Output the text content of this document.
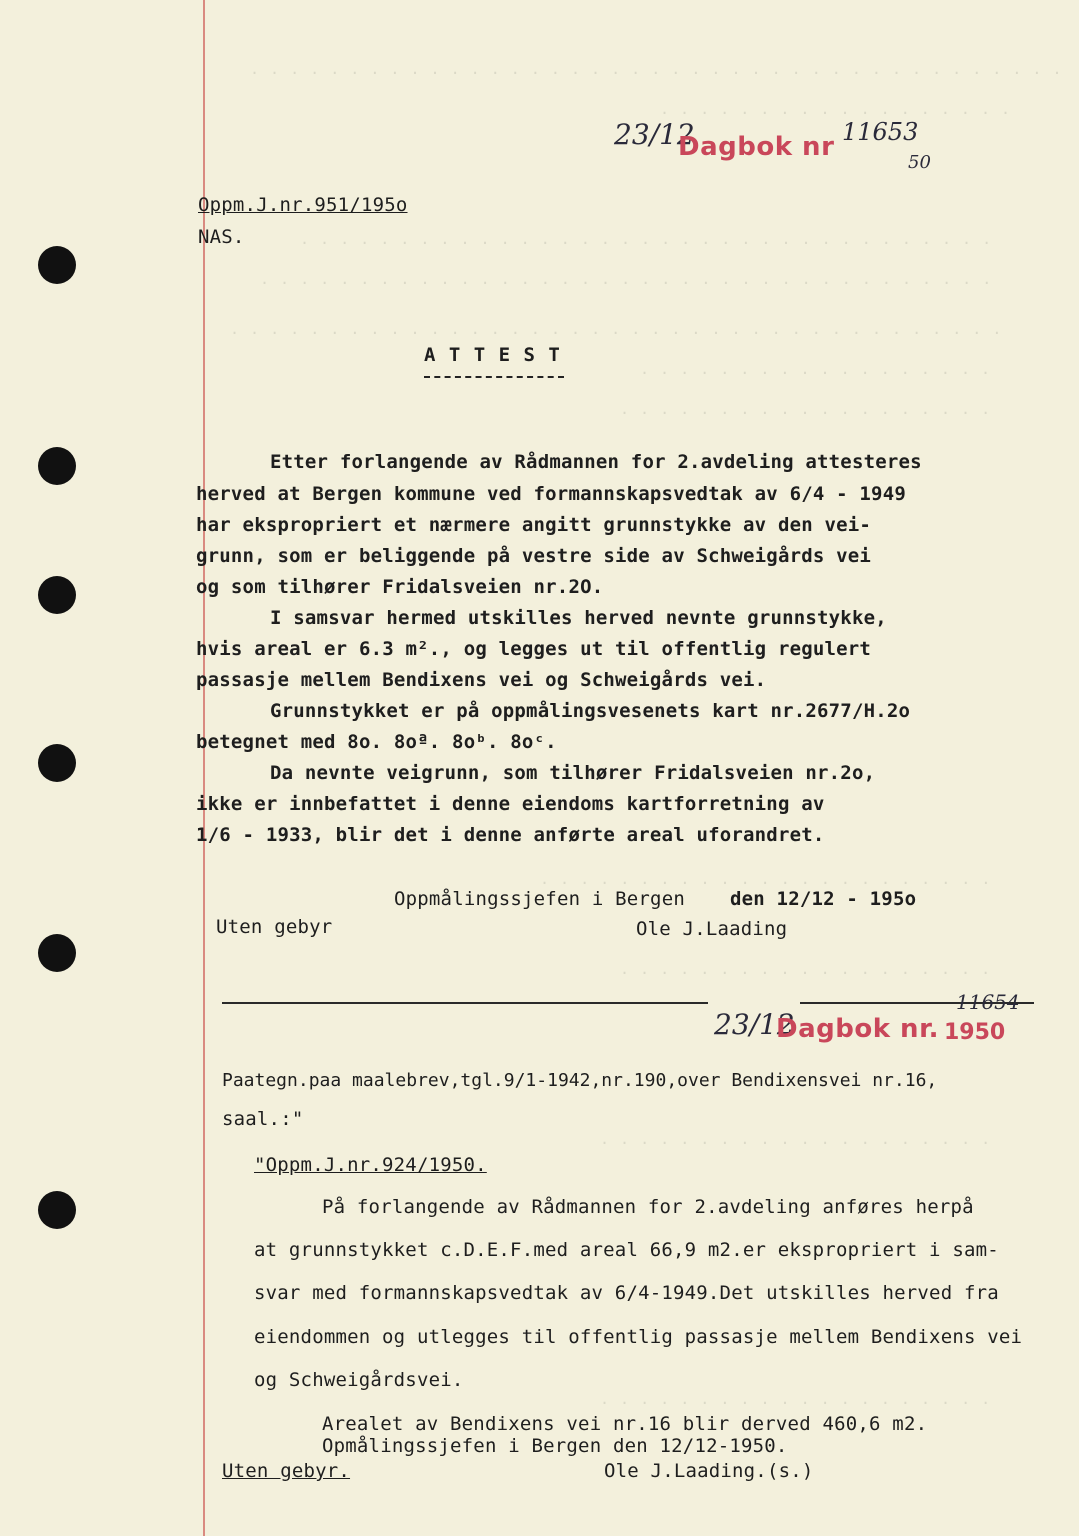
. . . . . . . . . . . . . . . . . . . . . . . . . . . . . . . . . . . . . . . . .
. . . . . . . . . . . . . . . . . .
. . . . . . . . . . . . . . . . . . . . . . . . . . . . . . . . . . .
. . . . . . . . . . . . . . . . . . . . . . . . . . . . . . . . . . . . .
. . . . . . . . . . . . . . . . . . . . . . . . . . . . . . . . . . . . . . .
. . . . . . . . . . . . . . . . . .
. . . . . . . . . . . . . . . . . . .
. . . . . . . . . . . . . . . . . . . . . . .
. . . . . . . . . . . . . . . . . . .
. . . . . . . . . . . . . . . . . . . .
. . . . . . . . . . . . . . . . . . . .
23/12
Dagbok nr 11653
50
Oppm.J.nr.951/195o
NAS.
A T T E S T
Etter forlangende av Rådmannen for 2.avdeling attesteres
herved at Bergen kommune ved formannskapsvedtak av 6/4 - 1949
har ekspropriert et nærmere angitt grunnstykke av den vei-
grunn, som er beliggende på vestre side av Schweigårds vei
og som tilhører Fridalsveien nr.2O.
I samsvar hermed utskilles herved nevnte grunnstykke,
hvis areal er 6.3 m²., og legges ut til offentlig regulert
passasje mellem Bendixens vei og Schweigårds vei.
Grunnstykket er på oppmålingsvesenets kart nr.2677/H.2o
betegnet med 8o. 8oª. 8oᵇ. 8oᶜ.
Da nevnte veigrunn, som tilhører Fridalsveien nr.2o,
ikke er innbefattet i denne eiendoms kartforretning av
1/6 - 1933, blir det i denne anførte areal uforandret.
Oppmålingssjefen i Bergen den 12/12 - 195o
Uten gebyr	Ole J.Laading
23/12
Dagbok nr.
11654
1950
Paategn.paa maalebrev,tgl.9/1-1942,nr.190,over Bendixensvei nr.16,
saal.:"
"Oppm.J.nr.924/1950.
På forlangende av Rådmannen for 2.avdeling anføres herpå
at grunnstykket c.D.E.F.med areal 66,9 m2.er ekspropriert i sam-
svar med formannskapsvedtak av 6/4-1949.Det utskilles herved fra
eiendommen og utlegges til offentlig passasje mellem Bendixens vei
og Schweigårdsvei.
Arealet av Bendixens vei nr.16 blir derved 460,6 m2.
Opmålingssjefen i Bergen den 12/12-1950.
Uten gebyr.	Ole J.Laading.(s.)
